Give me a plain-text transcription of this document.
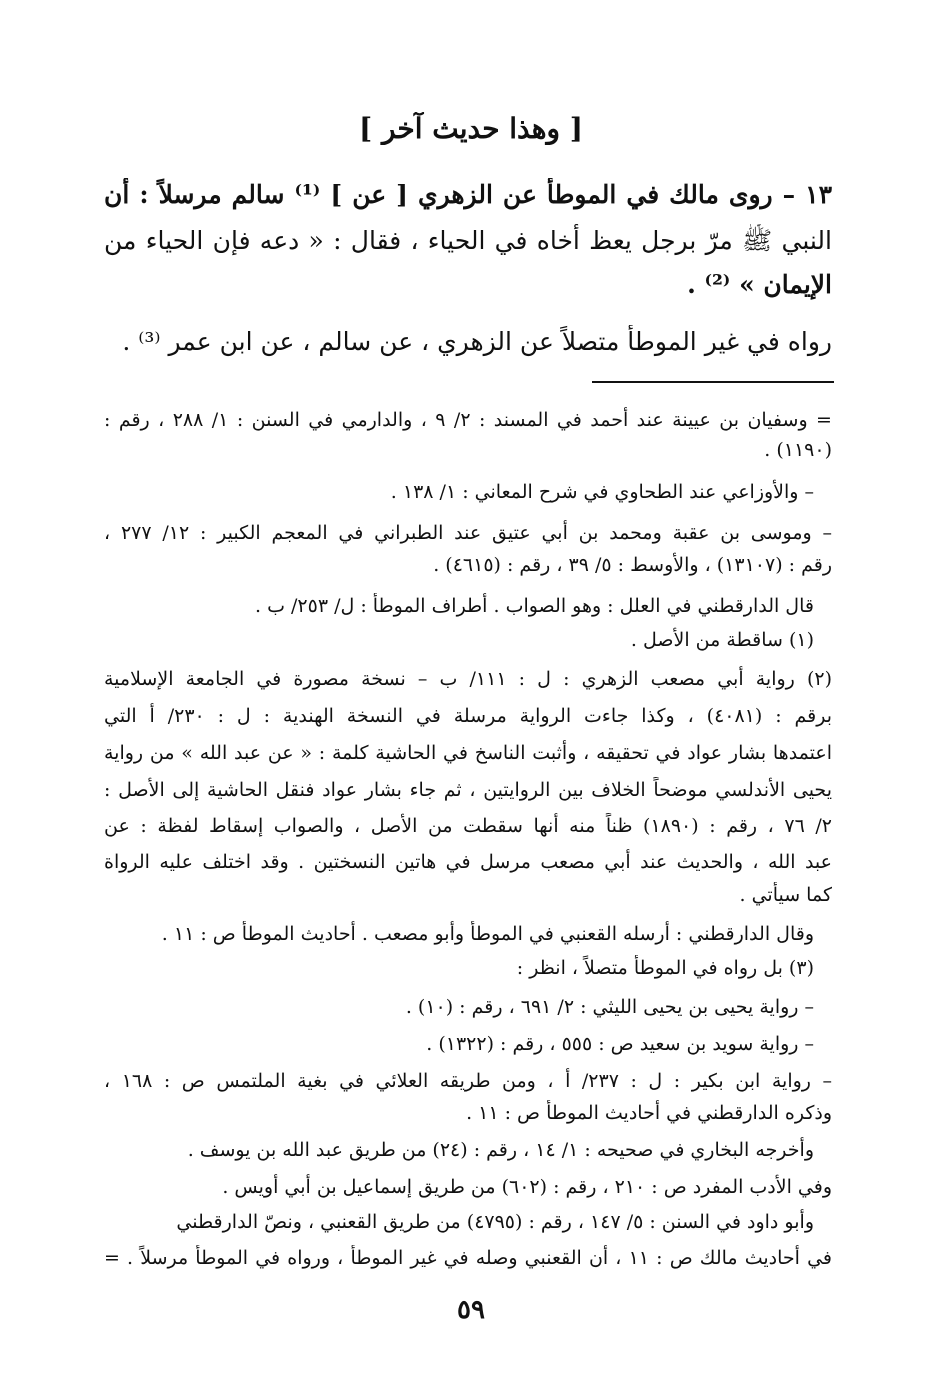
[ وهذا حديث آخر ]
١٣ – روى مالك في الموطأ عن الزهري [ عن ] ⁽¹⁾ سالم مرسلاً : أن
النبي ﷺ مرّ برجل يعظ أخاه في الحياء ، فقال : « دعه فإن الحياء من
الإيمان » ⁽²⁾ .
رواه في غير الموطأ متصلاً عن الزهري ، عن سالم ، عن ابن عمر ⁽³⁾ .
= وسفيان بن عيينة عند أحمد في المسند : ٢/ ٩ ، والدارمي في السنن : ١/ ٢٨٨ ، رقم :
(١١٩٠) .
– والأوزاعي عند الطحاوي في شرح المعاني : ١/ ١٣٨ .
– وموسى بن عقبة ومحمد بن أبي عتيق عند الطبراني في المعجم الكبير : ١٢/ ٢٧٧ ،
رقم : (١٣١٠٧) ، والأوسط : ٥/ ٣٩ ، رقم : (٤٦١٥) .
قال الدارقطني في العلل : وهو الصواب . أطراف الموطأ : ل/ ٢٥٣/ ب .
(١) ساقطة من الأصل .
(٢) رواية أبي مصعب الزهري : ل : ١١١/ ب – نسخة مصورة في الجامعة الإسلامية
برقم : (٤٠٨١) ، وكذا جاءت الرواية مرسلة في النسخة الهندية : ل : ٢٣٠/ أ التي
اعتمدها بشار عواد في تحقيقه ، وأثبت الناسخ في الحاشية كلمة : « عن عبد الله » من رواية
يحيى الأندلسي موضحاً الخلاف بين الروايتين ، ثم جاء بشار عواد فنقل الحاشية إلى الأصل :
٢/ ٧٦ ، رقم : (١٨٩٠) ظناً منه أنها سقطت من الأصل ، والصواب إسقاط لفظة : عن
عبد الله ، والحديث عند أبي مصعب مرسل في هاتين النسختين . وقد اختلف عليه الرواة
كما سيأتي .
وقال الدارقطني : أرسله القعنبي في الموطأ وأبو مصعب . أحاديث الموطأ ص : ١١ .
(٣) بل رواه في الموطأ متصلاً ، انظر :
– رواية يحيى بن يحيى الليثي : ٢/ ٦٩١ ، رقم : (١٠) .
– رواية سويد بن سعيد ص : ٥٥٥ ، رقم : (١٣٢٢) .
– رواية ابن بكير : ل : ٢٣٧/ أ ، ومن طريقه العلائي في بغية الملتمس ص : ١٦٨ ،
وذكره الدارقطني في أحاديث الموطأ ص : ١١ .
وأخرجه البخاري في صحيحه : ١/ ١٤ ، رقم : (٢٤) من طريق عبد الله بن يوسف .
وفي الأدب المفرد ص : ٢١٠ ، رقم : (٦٠٢) من طريق إسماعيل بن أبي أويس .
وأبو داود في السنن : ٥/ ١٤٧ ، رقم : (٤٧٩٥) من طريق القعنبي ، ونصّ الدارقطني
في أحاديث مالك ص : ١١ ، أن القعنبي وصله في غير الموطأ ، ورواه في الموطأ مرسلاً . =
٥٩
